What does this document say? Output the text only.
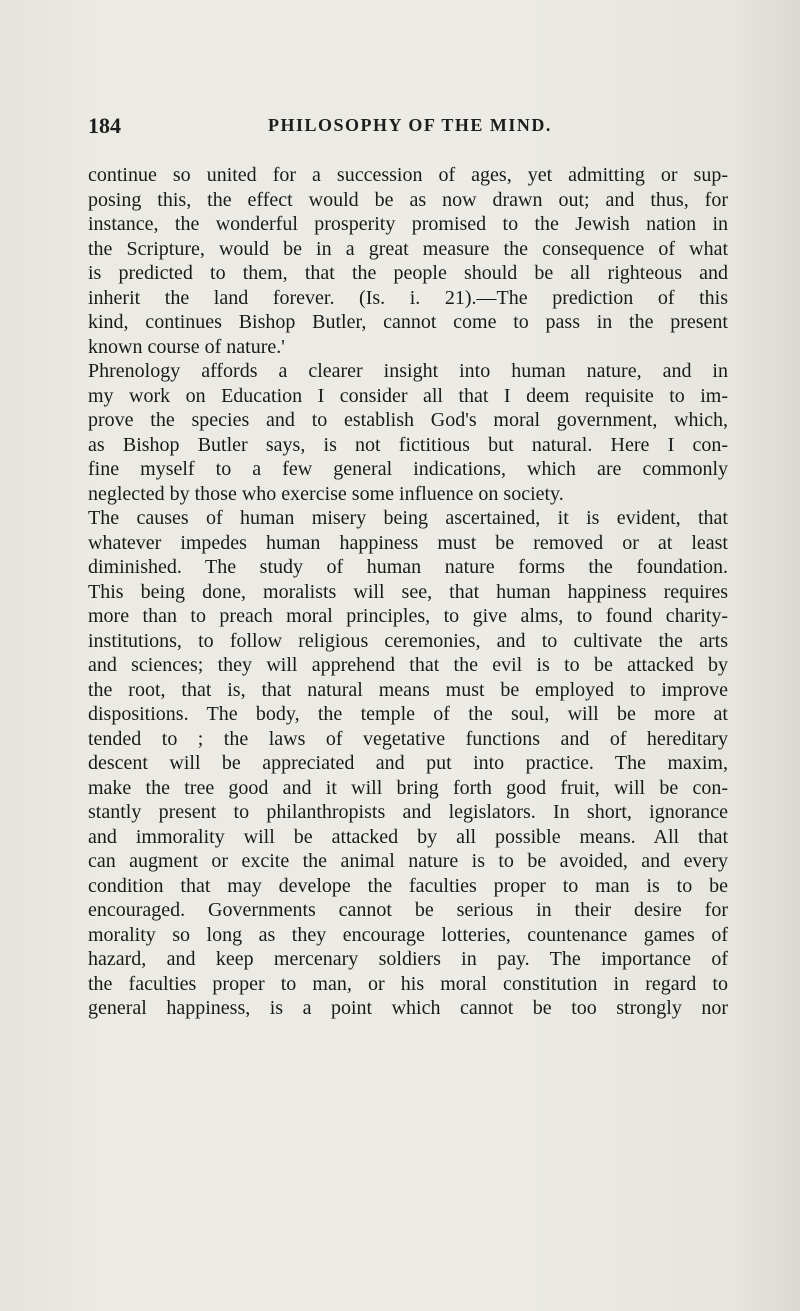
184	PHILOSOPHY OF THE MIND.
continue so united for a succession of ages, yet admitting or sup-
posing this, the effect would be as now drawn out; and thus, for
instance, the wonderful prosperity promised to the Jewish nation in
the Scripture, would be in a great measure the consequence of what
is predicted to them, that the people should be all righteous and
inherit the land forever. (Is. i. 21).—The prediction of this
kind, continues Bishop Butler, cannot come to pass in the present
known course of nature.'
Phrenology affords a clearer insight into human nature, and in
my work on Education I consider all that I deem requisite to im-
prove the species and to establish God's moral government, which,
as Bishop Butler says, is not fictitious but natural. Here I con-
fine myself to a few general indications, which are commonly
neglected by those who exercise some influence on society.
The causes of human misery being ascertained, it is evident, that
whatever impedes human happiness must be removed or at least
diminished. The study of human nature forms the foundation.
This being done, moralists will see, that human happiness requires
more than to preach moral principles, to give alms, to found charity-
institutions, to follow religious ceremonies, and to cultivate the arts
and sciences; they will apprehend that the evil is to be attacked by
the root, that is, that natural means must be employed to improve
dispositions. The body, the temple of the soul, will be more at
tended to ; the laws of vegetative functions and of hereditary
descent will be appreciated and put into practice. The maxim,
make the tree good and it will bring forth good fruit, will be con-
stantly present to philanthropists and legislators. In short, ignorance
and immorality will be attacked by all possible means. All that
can augment or excite the animal nature is to be avoided, and every
condition that may develope the faculties proper to man is to be
encouraged. Governments cannot be serious in their desire for
morality so long as they encourage lotteries, countenance games of
hazard, and keep mercenary soldiers in pay. The importance of
the faculties proper to man, or his moral constitution in regard to
general happiness, is a point which cannot be too strongly nor
